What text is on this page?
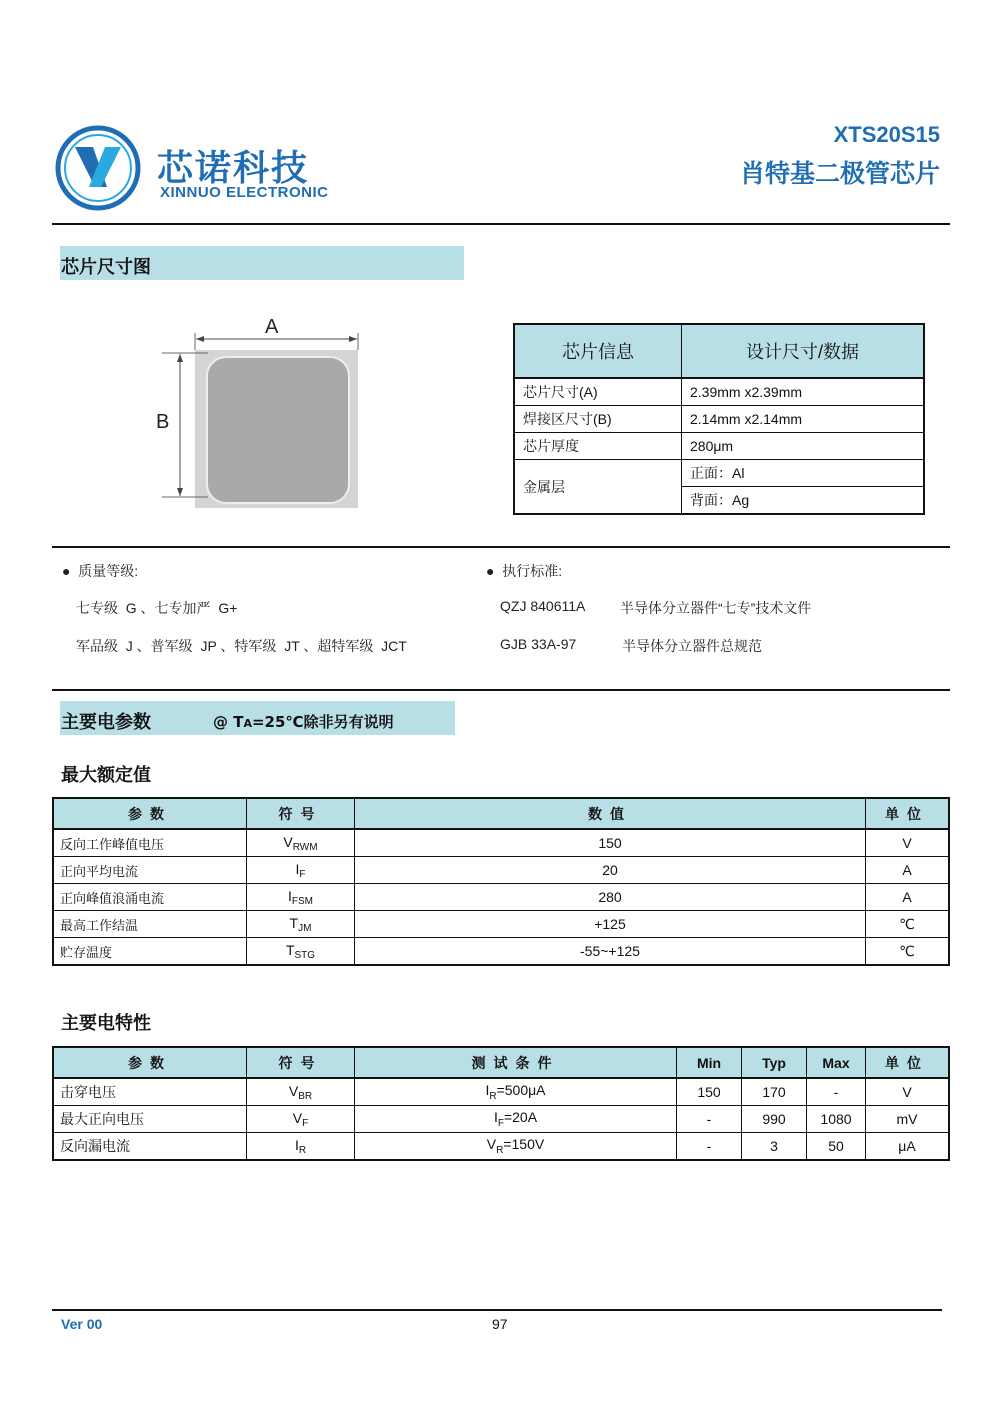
芯诺科技
XINNUO ELECTRONIC
XTS20S15
肖特基二极管芯片
芯片尺寸图
A
B
芯片信息	设计尺寸/数据
芯片尺寸(A)	2.39mm x2.39mm
焊接区尺寸(B)	2.14mm x2.14mm
芯片厚度	280μm
金属层	正面：Al
	背面：Ag
●  质量等级:
七专级  G 、七专加严  G+
军品级  J 、普军级  JP 、特军级  JT 、超特军级  JCT
●  执行标准:
QZJ 840611A 半导体分立器件“七专”技术文件
GJB 33A-97	半导体分立器件总规范
主要电参数	@ TA=25℃除非另有说明
最大额定值
参数	符号	数值	单位
反向工作峰值电压	$V_{RWM}$	150	V
正向平均电流	$I_F$	20	A
正向峰值浪涌电流	$I_{FSM}$	280	A
最高工作结温	$T_{JM}$	+125	℃
贮存温度	$T_{STG}$	-55~+125	℃
主要电特性
参数	符号	测试条件	Min	Typ	Max	单位
击穿电压	$V_{BR}$	$I_R=500\mu A$	150	170	-	V
最大正向电压	$V_F$	$I_F=20A$	-	990	1080	mV
反向漏电流	$I_R$	$V_R=150V$	-	3	50	μA
Ver 00	97
